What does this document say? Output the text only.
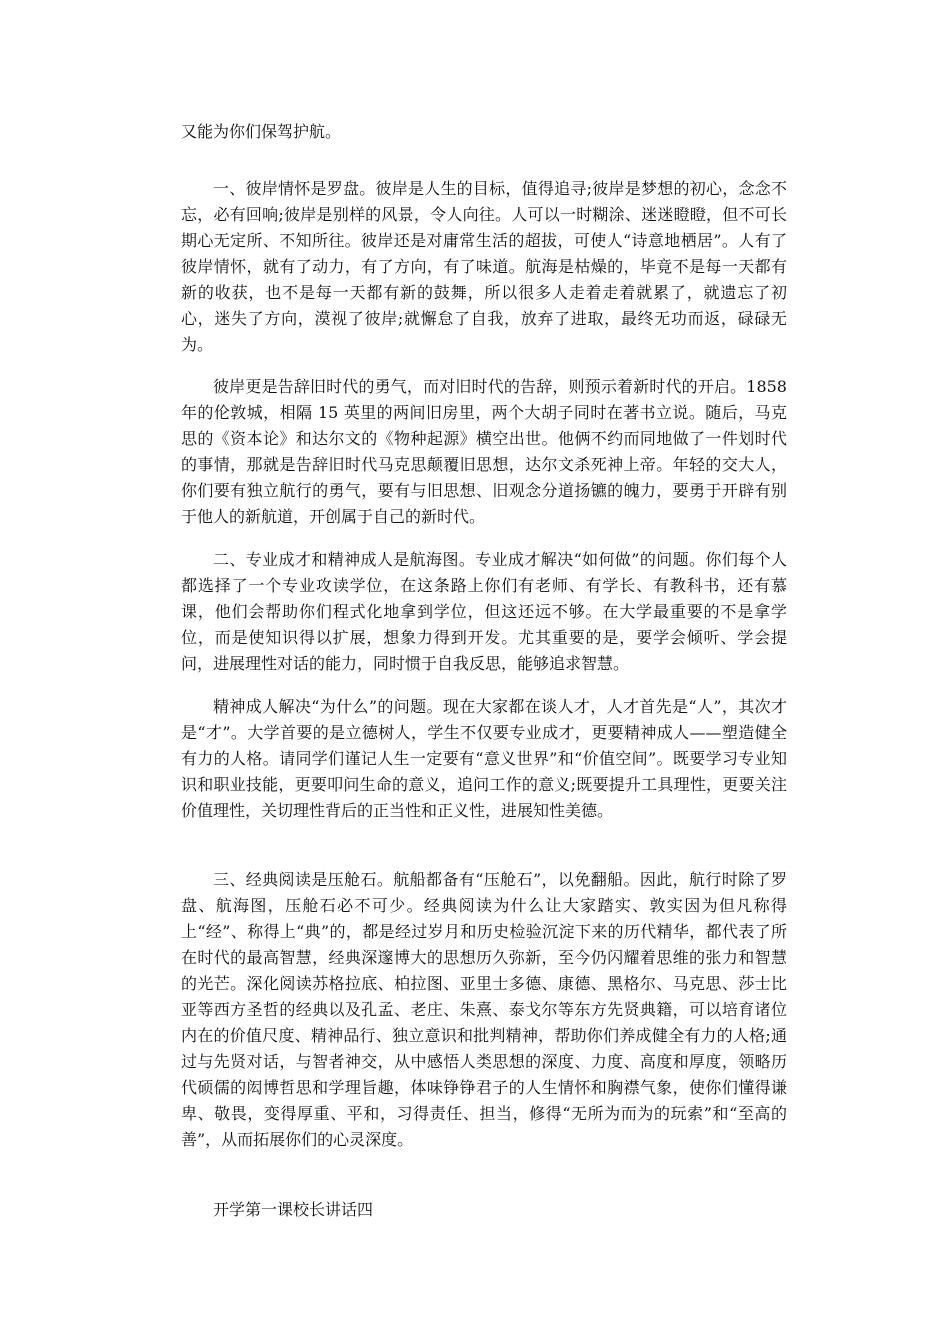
又能为你们保驾护航。

一、彼岸情怀是罗盘。彼岸是人生的目标，值得追寻;彼岸是梦想的初心，念念不忘，必有回响;彼岸是别样的风景，令人向往。人可以一时糊涂、迷迷瞪瞪，但不可长期心无定所、不知所往。彼岸还是对庸常生活的超拔，可使人“诗意地栖居”。人有了彼岸情怀，就有了动力，有了方向，有了味道。航海是枯燥的，毕竟不是每一天都有新的收获，也不是每一天都有新的鼓舞，所以很多人走着走着就累了，就遗忘了初心，迷失了方向，漠视了彼岸;就懈怠了自我，放弃了进取，最终无功而返，碌碌无为。

彼岸更是告辞旧时代的勇气，而对旧时代的告辞，则预示着新时代的开启。1858 年的伦敦城，相隔 15 英里的两间旧房里，两个大胡子同时在著书立说。随后，马克思的《资本论》和达尔文的《物种起源》横空出世。他俩不约而同地做了一件划时代的事情，那就是告辞旧时代马克思颠覆旧思想，达尔文杀死神上帝。年轻的交大人，你们要有独立航行的勇气，要有与旧思想、旧观念分道扬镳的魄力，要勇于开辟有别于他人的新航道，开创属于自己的新时代。

二、专业成才和精神成人是航海图。专业成才解决“如何做”的问题。你们每个人都选择了一个专业攻读学位，在这条路上你们有老师、有学长、有教科书，还有慕课，他们会帮助你们程式化地拿到学位，但这还远不够。在大学最重要的不是拿学位，而是使知识得以扩展，想象力得到开发。尤其重要的是，要学会倾听、学会提问，进展理性对话的能力，同时惯于自我反思，能够追求智慧。

精神成人解决“为什么”的问题。现在大家都在谈人才，人才首先是“人”，其次才是“才”。大学首要的是立德树人，学生不仅要专业成才，更要精神成人——塑造健全有力的人格。请同学们谨记人生一定要有“意义世界”和“价值空间”。既要学习专业知识和职业技能，更要叩问生命的意义，追问工作的意义;既要提升工具理性，更要关注价值理性，关切理性背后的正当性和正义性，进展知性美德。

三、经典阅读是压舱石。航船都备有“压舱石”，以免翻船。因此，航行时除了罗盘、航海图，压舱石必不可少。经典阅读为什么让大家踏实、敦实因为但凡称得上“经”、称得上“典”的，都是经过岁月和历史检验沉淀下来的历代精华，都代表了所在时代的最高智慧，经典深邃博大的思想历久弥新，至今仍闪耀着思维的张力和智慧的光芒。深化阅读苏格拉底、柏拉图、亚里士多德、康德、黑格尔、马克思、莎士比亚等西方圣哲的经典以及孔孟、老庄、朱熹、泰戈尔等东方先贤典籍，可以培育诸位内在的价值尺度、精神品行、独立意识和批判精神，帮助你们养成健全有力的人格;通过与先贤对话，与智者神交，从中感悟人类思想的深度、力度、高度和厚度，领略历代硕儒的闳博哲思和学理旨趣，体味铮铮君子的人生情怀和胸襟气象，使你们懂得谦卑、敬畏，变得厚重、平和，习得责任、担当，修得“无所为而为的玩索”和“至高的善”，从而拓展你们的心灵深度。

开学第一课校长讲话四
